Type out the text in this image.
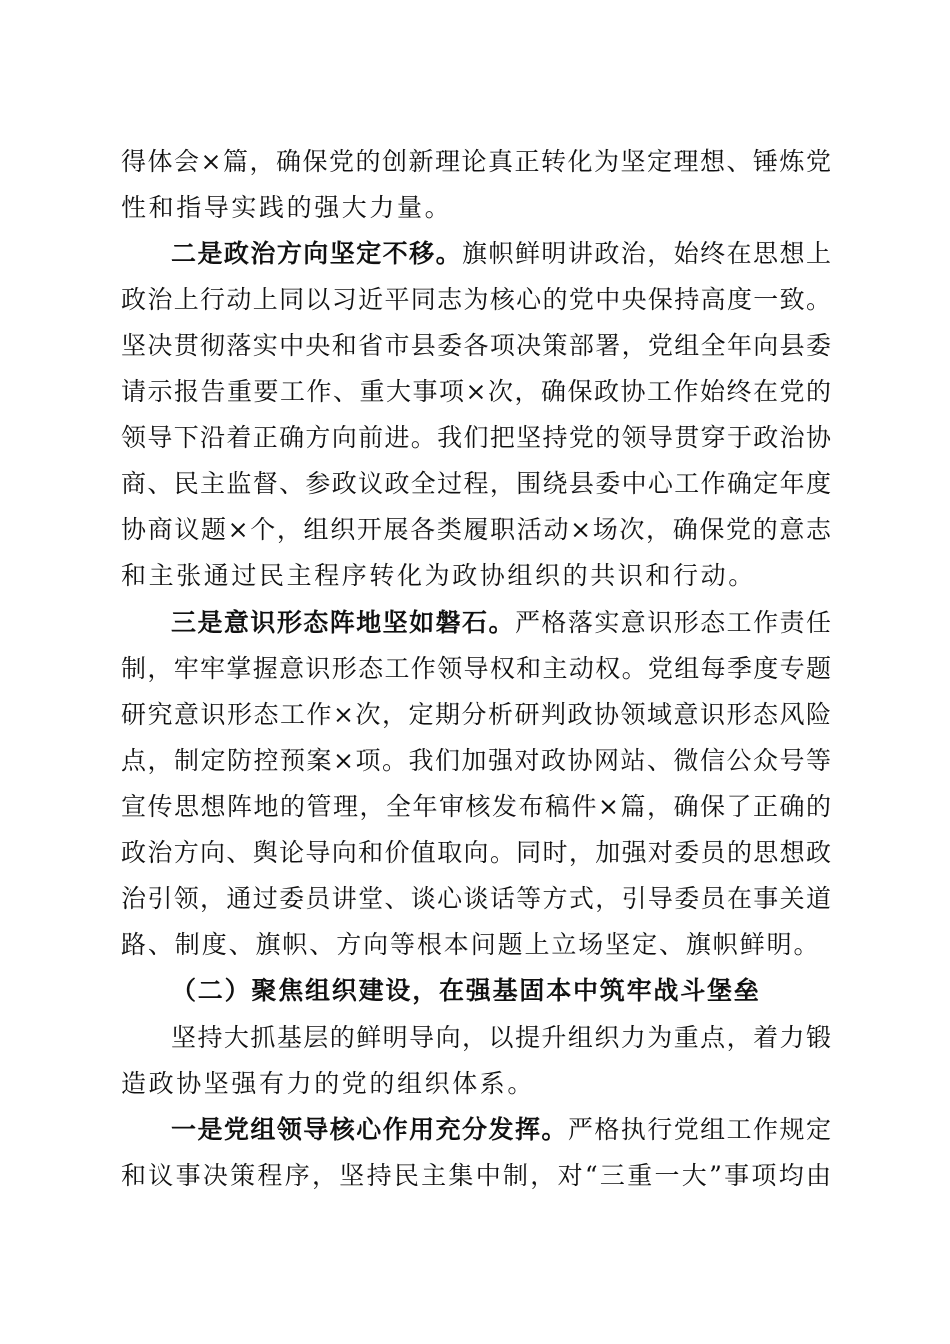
得体会×篇，确保党的创新理论真正转化为坚定理想、锤炼党
性和指导实践的强大力量。
二是政治方向坚定不移。旗帜鲜明讲政治，始终在思想上
政治上行动上同以习近平同志为核心的党中央保持高度一致。
坚决贯彻落实中央和省市县委各项决策部署，党组全年向县委
请示报告重要工作、重大事项×次，确保政协工作始终在党的
领导下沿着正确方向前进。我们把坚持党的领导贯穿于政治协
商、民主监督、参政议政全过程，围绕县委中心工作确定年度
协商议题×个，组织开展各类履职活动×场次，确保党的意志
和主张通过民主程序转化为政协组织的共识和行动。
三是意识形态阵地坚如磐石。严格落实意识形态工作责任
制，牢牢掌握意识形态工作领导权和主动权。党组每季度专题
研究意识形态工作×次，定期分析研判政协领域意识形态风险
点，制定防控预案×项。我们加强对政协网站、微信公众号等
宣传思想阵地的管理，全年审核发布稿件×篇，确保了正确的
政治方向、舆论导向和价值取向。同时，加强对委员的思想政
治引领，通过委员讲堂、谈心谈话等方式，引导委员在事关道
路、制度、旗帜、方向等根本问题上立场坚定、旗帜鲜明。
（二）聚焦组织建设，在强基固本中筑牢战斗堡垒
坚持大抓基层的鲜明导向，以提升组织力为重点，着力锻
造政协坚强有力的党的组织体系。
一是党组领导核心作用充分发挥。严格执行党组工作规定
和议事决策程序，坚持民主集中制，对“三重一大”事项均由
